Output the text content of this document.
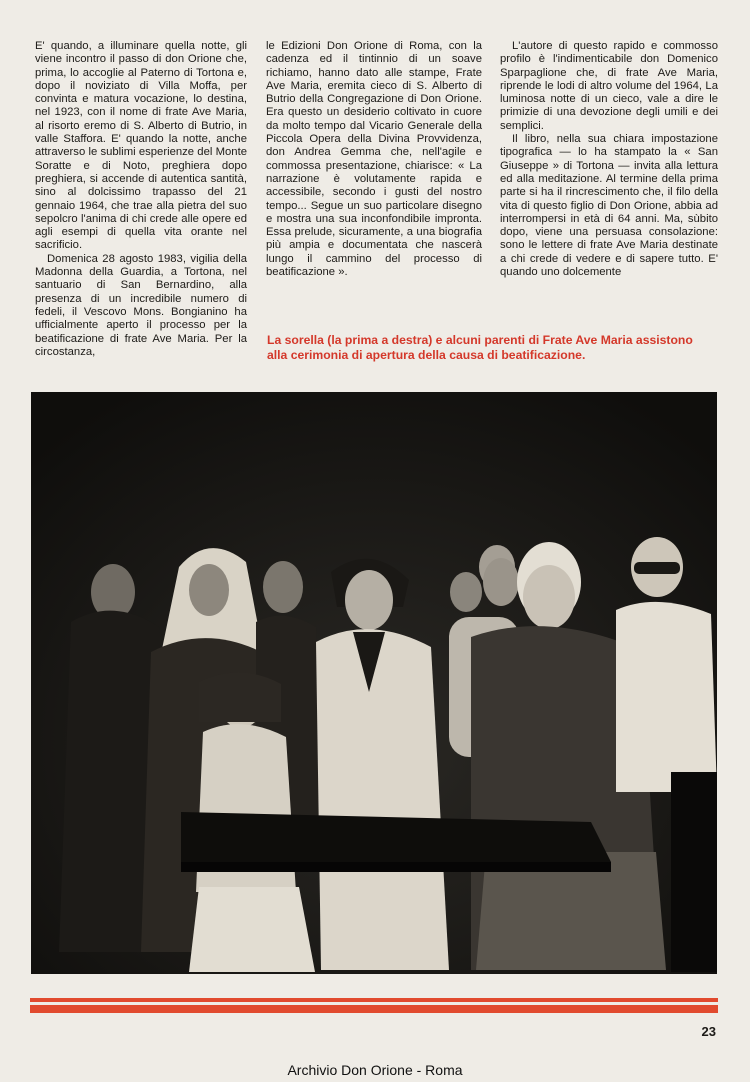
E' quando, a illuminare quella notte, gli viene incontro il passo di don Orione che, prima, lo accoglie al Paterno di Tortona e, dopo il noviziato di Villa Moffa, per convinta e matura vocazione, lo destina, nel 1923, con il nome di frate Ave Maria, al risorto eremo di S. Alberto di Butrio, in valle Staffora. E' quando la notte, anche attraverso le sublimi esperienze del Monte Soratte e di Noto, preghiera dopo preghiera, si accende di autentica santità, sino al dolcissimo trapasso del 21 gennaio 1964, che trae alla pietra del suo sepolcro l'anima di chi crede alle opere ed agli esempi di quella vita orante nel sacrificio.

Domenica 28 agosto 1983, vigilia della Madonna della Guardia, a Tortona, nel santuario di San Bernardino, alla presenza di un incredibile numero di fedeli, il Vescovo Mons. Bongianino ha ufficialmente aperto il processo per la beatificazione di frate Ave Maria. Per la circostanza,

le Edizioni Don Orione di Roma, con la cadenza ed il tintinnio di un soave richiamo, hanno dato alle stampe, Frate Ave Maria, eremita cieco di S. Alberto di Butrio della Congregazione di Don Orione. Era questo un desiderio coltivato in cuore da molto tempo dal Vicario Generale della Piccola Opera della Divina Provvidenza, don Andrea Gemma che, nell'agile e commossa presentazione, chiarisce: « La narrazione è volutamente rapida e accessibile, secondo i gusti del nostro tempo... Segue un suo particolare disegno e mostra una sua inconfondibile impronta. Essa prelude, sicuramente, a una biografia più ampia e documentata che nascerà lungo il cammino del processo di beatificazione ».

L'autore di questo rapido e commosso profilo è l'indimenticabile don Domenico Sparpaglione che, di frate Ave Maria, riprende le lodi di altro volume del 1964, La luminosa notte di un cieco, vale a dire le primizie di una devozione degli umili e dei semplici.

Il libro, nella sua chiara impostazione tipografica — lo ha stampato la « San Giuseppe » di Tortona — invita alla lettura ed alla meditazione. Al termine della prima parte si ha il rincrescimento che, il filo della vita di questo figlio di Don Orione, abbia ad interrompersi in età di 64 anni. Ma, sùbito dopo, viene una persuasa consolazione: sono le lettere di frate Ave Maria destinate a chi crede di vedere e di sapere tutto. E' quando uno dolcemente

La sorella (la prima a destra) e alcuni parenti di Frate Ave Maria assistono alla cerimonia di apertura della causa di beatificazione.
23
Archivio Don Orione - Roma
